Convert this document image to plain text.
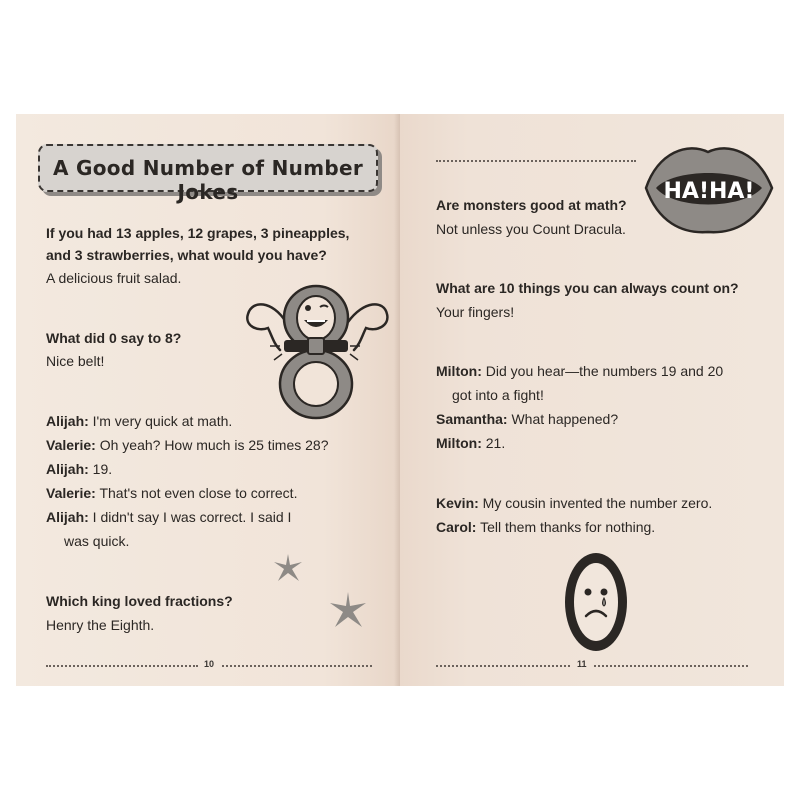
A Good Number of Number Jokes
If you had 13 apples, 12 grapes, 3 pineapples,
and 3 strawberries, what would you have?
A delicious fruit salad.
What did 0 say to 8?
Nice belt!
Alijah: I'm very quick at math.
Valerie: Oh yeah? How much is 25 times 28?
Alijah: 19.
Valerie: That's not even close to correct.
Alijah: I didn't say I was correct. I said I
was quick.
Which king loved fractions?
Henry the Eighth.
10
HA!HA!
Are monsters good at math?
Not unless you Count Dracula.
What are 10 things you can always count on?
Your fingers!
Milton: Did you hear—the numbers 19 and 20
got into a fight!
Samantha: What happened?
Milton: 21.
Kevin: My cousin invented the number zero.
Carol: Tell them thanks for nothing.
11
